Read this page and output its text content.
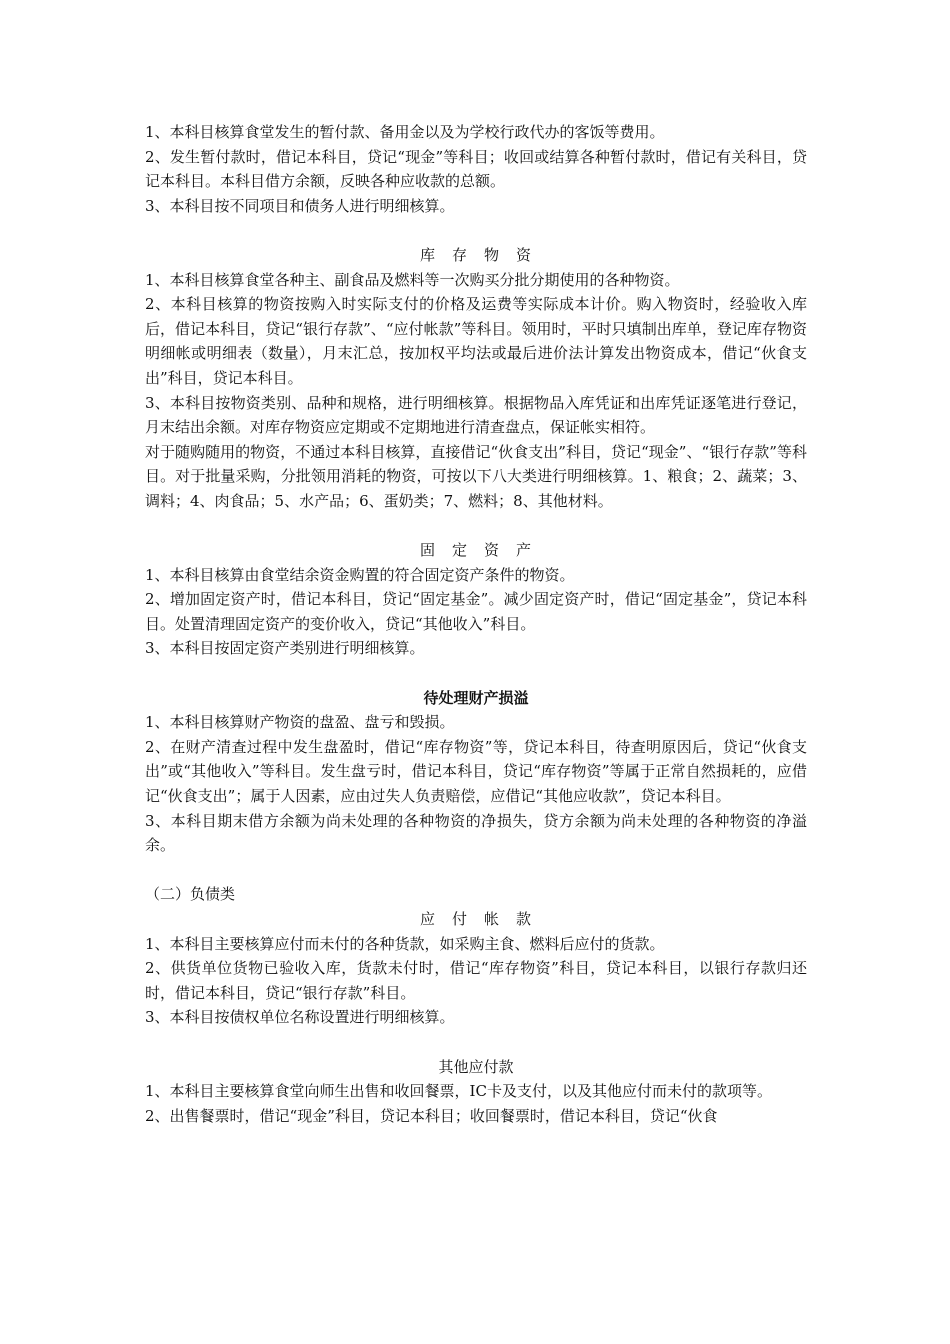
1、本科目核算食堂发生的暂付款、备用金以及为学校行政代办的客饭等费用。

2、发生暂付款时，借记本科目，贷记“现金”等科目；收回或结算各种暂付款时，借记有关科目，贷记本科目。本科目借方余额，反映各种应收款的总额。

3、本科目按不同项目和债务人进行明细核算。

库　存　物　资

1、本科目核算食堂各种主、副食品及燃料等一次购买分批分期使用的各种物资。

2、本科目核算的物资按购入时实际支付的价格及运费等实际成本计价。购入物资时，经验收入库后，借记本科目，贷记“银行存款”、“应付帐款”等科目。领用时，平时只填制出库单，登记库存物资明细帐或明细表（数量），月末汇总，按加权平均法或最后进价法计算发出物资成本，借记“伙食支出”科目，贷记本科目。

3、本科目按物资类别、品种和规格，进行明细核算。根据物品入库凭证和出库凭证逐笔进行登记，月末结出余额。对库存物资应定期或不定期地进行清查盘点，保证帐实相符。

对于随购随用的物资，不通过本科目核算，直接借记“伙食支出”科目，贷记“现金”、“银行存款”等科目。对于批量采购，分批领用消耗的物资，可按以下八大类进行明细核算。1、粮食；2、蔬菜；3、调料；4、肉食品；5、水产品；6、蛋奶类；7、燃料；8、其他材料。

固　定　资　产

1、本科目核算由食堂结余资金购置的符合固定资产条件的物资。

2、增加固定资产时，借记本科目，贷记“固定基金”。减少固定资产时，借记“固定基金”，贷记本科目。处置清理固定资产的变价收入，贷记“其他收入”科目。

3、本科目按固定资产类别进行明细核算。

待处理财产损溢

1、本科目核算财产物资的盘盈、盘亏和毁损。

2、在财产清查过程中发生盘盈时，借记“库存物资”等，贷记本科目，待查明原因后，贷记“伙食支出”或“其他收入”等科目。发生盘亏时，借记本科目，贷记“库存物资”等属于正常自然损耗的，应借记“伙食支出”；属于人因素，应由过失人负责赔偿，应借记“其他应收款”，贷记本科目。

3、本科目期末借方余额为尚未处理的各种物资的净损失，贷方余额为尚未处理的各种物资的净溢余。

（二）负债类

应　付　帐　款

1、本科目主要核算应付而未付的各种货款，如采购主食、燃料后应付的货款。

2、供货单位货物已验收入库，货款未付时，借记“库存物资”科目，贷记本科目，以银行存款归还时，借记本科目，贷记“银行存款”科目。

3、本科目按债权单位名称设置进行明细核算。

其他应付款

1、本科目主要核算食堂向师生出售和收回餐票，IC卡及支付，以及其他应付而未付的款项等。

2、出售餐票时，借记“现金”科目，贷记本科目；收回餐票时，借记本科目，贷记“伙食
